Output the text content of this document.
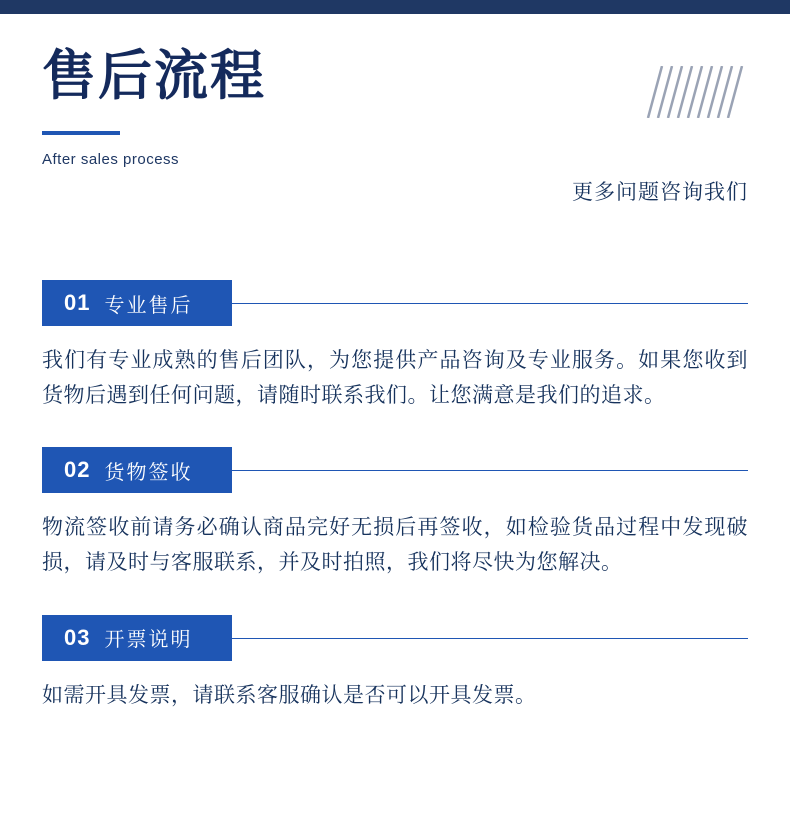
售后流程
After sales process
更多问题咨询我们
01 专业售后
我们有专业成熟的售后团队，为您提供产品咨询及专业服务。如果您收到货物后遇到任何问题，请随时联系我们。让您满意是我们的追求。
02 货物签收
物流签收前请务必确认商品完好无损后再签收，如检验货品过程中发现破损，请及时与客服联系，并及时拍照，我们将尽快为您解决。
03 开票说明
如需开具发票，请联系客服确认是否可以开具发票。
